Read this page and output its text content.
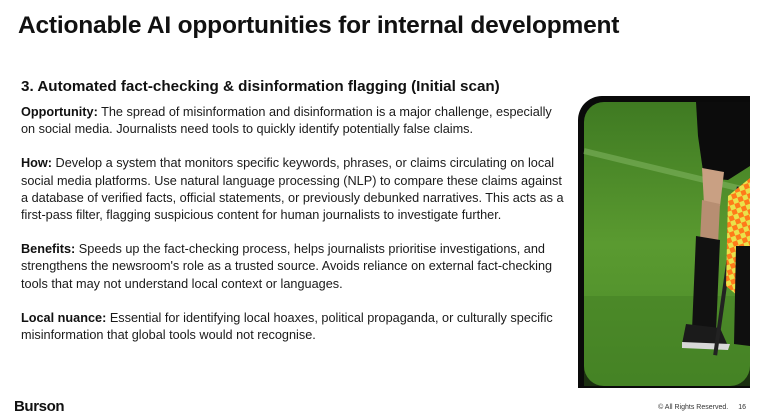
Actionable AI opportunities for internal development
3. Automated fact-checking & disinformation flagging (Initial scan)

Opportunity: The spread of misinformation and disinformation is a major challenge, especially on social media. Journalists need tools to quickly identify potentially false claims.

How: Develop a system that monitors specific keywords, phrases, or claims circulating on local social media platforms. Use natural language processing (NLP) to compare these claims against a database of verified facts, official statements, or previously debunked narratives. This acts as a first-pass filter, flagging suspicious content for human journalists to investigate further.

Benefits: Speeds up the fact-checking process, helps journalists prioritise investigations, and strengthens the newsroom's role as a trusted source. Avoids reliance on external fact-checking tools that may not understand local context or languages.

Local nuance: Essential for identifying local hoaxes, political propaganda, or culturally specific misinformation that global tools would not recognise.

Burson	© All Rights Reserved. 16
